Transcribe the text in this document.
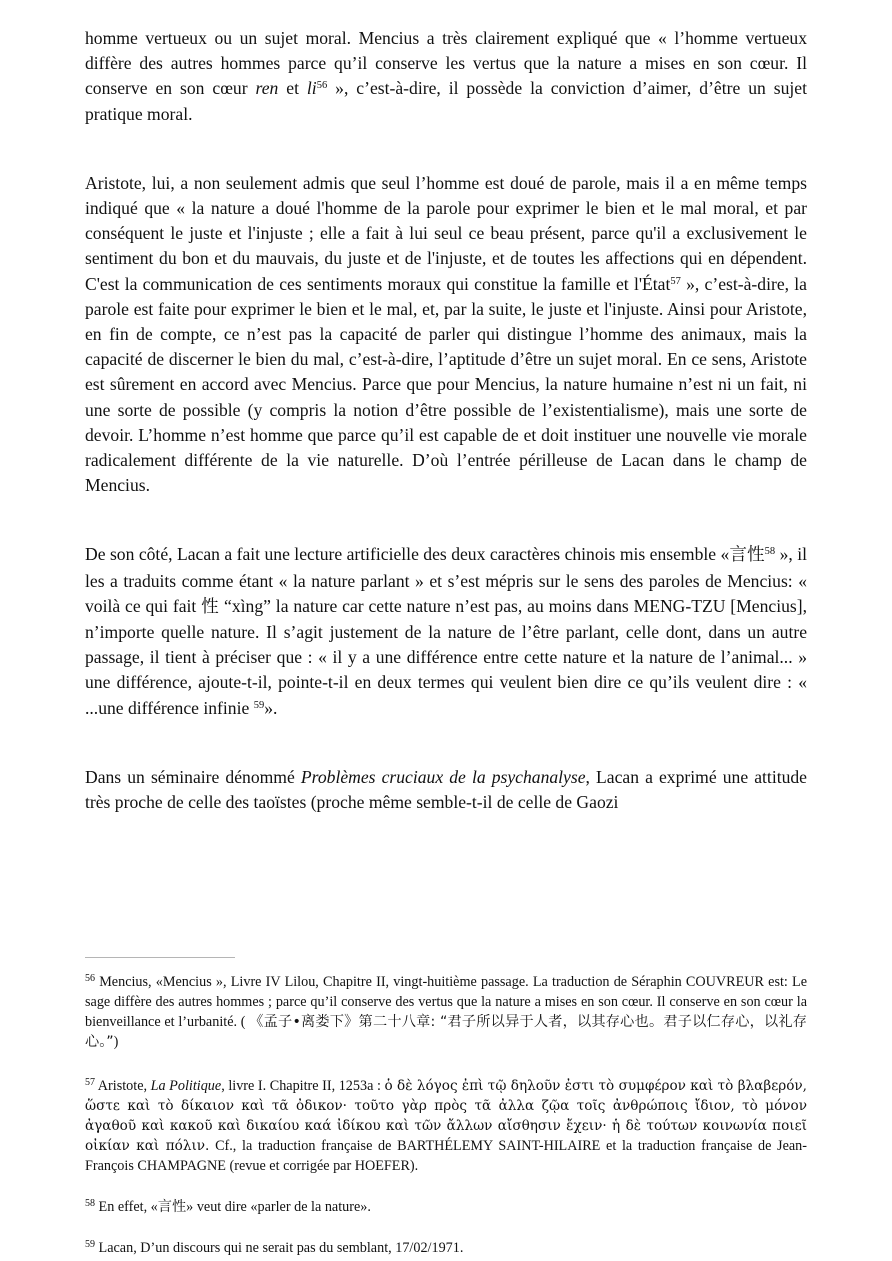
homme vertueux ou un sujet moral. Mencius a très clairement expliqué que « l’homme vertueux diffère des autres hommes parce qu’il conserve les vertus que la nature a mises en son cœur. Il conserve en son cœur ren et li$^{56}$ », c’est-à-dire, il possède la conviction d’aimer, d’être un sujet pratique moral.

Aristote, lui, a non seulement admis que seul l’homme est doué de parole, mais il a en même temps indiqué que « la nature a doué l'homme de la parole pour exprimer le bien et le mal moral, et par conséquent le juste et l'injuste ; elle a fait à lui seul ce beau présent, parce qu'il a exclusivement le sentiment du bon et du mauvais, du juste et de l'injuste, et de toutes les affections qui en dépendent. C'est la communication de ces sentiments moraux qui constitue la famille et l'État$^{57}$ », c’est-à-dire, la parole est faite pour exprimer le bien et le mal, et, par la suite, le juste et l'injuste. Ainsi pour Aristote, en fin de compte, ce n’est pas la capacité de parler qui distingue l’homme des animaux, mais la capacité de discerner le bien du mal, c’est-à-dire, l’aptitude d’être un sujet moral. En ce sens, Aristote est sûrement en accord avec Mencius. Parce que pour Mencius, la nature humaine n’est ni un fait, ni une sorte de possible (y compris la notion d’être possible de l’existentialisme), mais une sorte de devoir. L’homme n’est homme que parce qu’il est capable de et doit instituer une nouvelle vie morale radicalement différente de la vie naturelle. D’où l’entrée périlleuse de Lacan dans le champ de Mencius.

De son côté, Lacan a fait une lecture artificielle des deux caractères chinois mis ensemble «言性$^{58}$ », il les a traduits comme étant « la nature parlant » et s’est mépris sur le sens des paroles de Mencius: « voilà ce qui fait 性 “xìng” la nature car cette nature n’est pas, au moins dans MENG-TZU [Mencius], n’importe quelle nature. Il s’agit justement de la nature de l’être parlant, celle dont, dans un autre passage, il tient à préciser que : « il y a une différence entre cette nature et la nature de l’animal... » une différence, ajoute-t-il, pointe-t-il en deux termes qui veulent bien dire ce qu’ils veulent dire : « ...une différence infinie $^{59}$».

Dans un séminaire dénommé Problèmes cruciaux de la psychanalyse, Lacan a exprimé une attitude très proche de celle des taoïstes (proche même semble-t-il de celle de Gaozi

$^{56}$ Mencius, «Mencius », Livre IV Lilou, Chapitre II, vingt-huitième passage. La traduction de Séraphin COUVREUR est: Le sage diffère des autres hommes ; parce qu’il conserve des vertus que la nature a mises en son cœur. Il conserve en son cœur la bienveillance et l’urbanité. ( 《孟子•离娄下》第二十八章: “君子所以异于人者，以其存心也。君子以仁存心，以礼存心。”)

$^{57}$ Aristote, La Politique, livre I. Chapitre II, 1253a : ὁ δὲ λόγος ἐπὶ τῷ δηλοῦν ἐστι τὸ συμφέρον καὶ τὸ βλαβερόν, ὥστε καὶ τὸ δίκαιον καὶ τᾶ ὀδικον· τοῦτο γὰρ πρὸς τᾶ ἀλλα ζῷα τοῖς ἀνθρώποις ἴδιον, τὸ μόνον ἀγαθοῦ καὶ κακοῦ καὶ δικαίου καά ἰδίκου καὶ τῶν ἄλλων αἴσθησιν ἔχειν· ἡ δὲ τούτων κοινωνία ποιεῖ οἰκίαν καὶ πόλιν. Cf., la traduction française de BARTHÉLEMY SAINT-HILAIRE et la traduction française de Jean-François CHAMPAGNE (revue et corrigée par HOEFER).

$^{58}$ En effet, «言性» veut dire «parler de la nature».

$^{59}$ Lacan, D’un discours qui ne serait pas du semblant, 17/02/1971.
